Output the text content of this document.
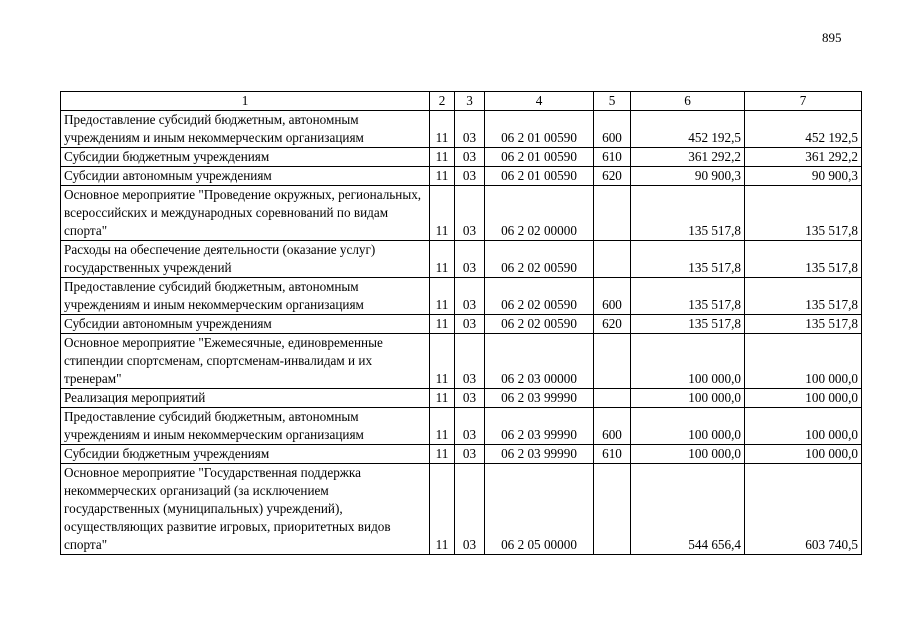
895
1	2	3	4	5	6	7
Предоставление субсидий бюджетным, автономным учреждениям и иным некоммерческим организациям	11	03	06 2 01 00590	600	452 192,5	452 192,5
Субсидии бюджетным учреждениям	11	03	06 2 01 00590	610	361 292,2	361 292,2
Субсидии автономным учреждениям	11	03	06 2 01 00590	620	90 900,3	90 900,3
Основное мероприятие "Проведение окружных, региональных, всероссийских и международных соревнований по видам спорта"	11	03	06 2 02 00000		135 517,8	135 517,8
Расходы на обеспечение деятельности (оказание услуг) государственных учреждений	11	03	06 2 02 00590		135 517,8	135 517,8
Предоставление субсидий бюджетным, автономным учреждениям и иным некоммерческим организациям	11	03	06 2 02 00590	600	135 517,8	135 517,8
Субсидии автономным учреждениям	11	03	06 2 02 00590	620	135 517,8	135 517,8
Основное мероприятие "Ежемесячные, единовременные стипендии спортсменам, спортсменам-инвалидам и их тренерам"	11	03	06 2 03 00000		100 000,0	100 000,0
Реализация мероприятий	11	03	06 2 03 99990		100 000,0	100 000,0
Предоставление субсидий бюджетным, автономным учреждениям и иным некоммерческим организациям	11	03	06 2 03 99990	600	100 000,0	100 000,0
Субсидии бюджетным учреждениям	11	03	06 2 03 99990	610	100 000,0	100 000,0
Основное мероприятие "Государственная поддержка некоммерческих организаций (за исключением государственных (муниципальных) учреждений), осуществляющих развитие игровых, приоритетных видов спорта"	11	03	06 2 05 00000		544 656,4	603 740,5
